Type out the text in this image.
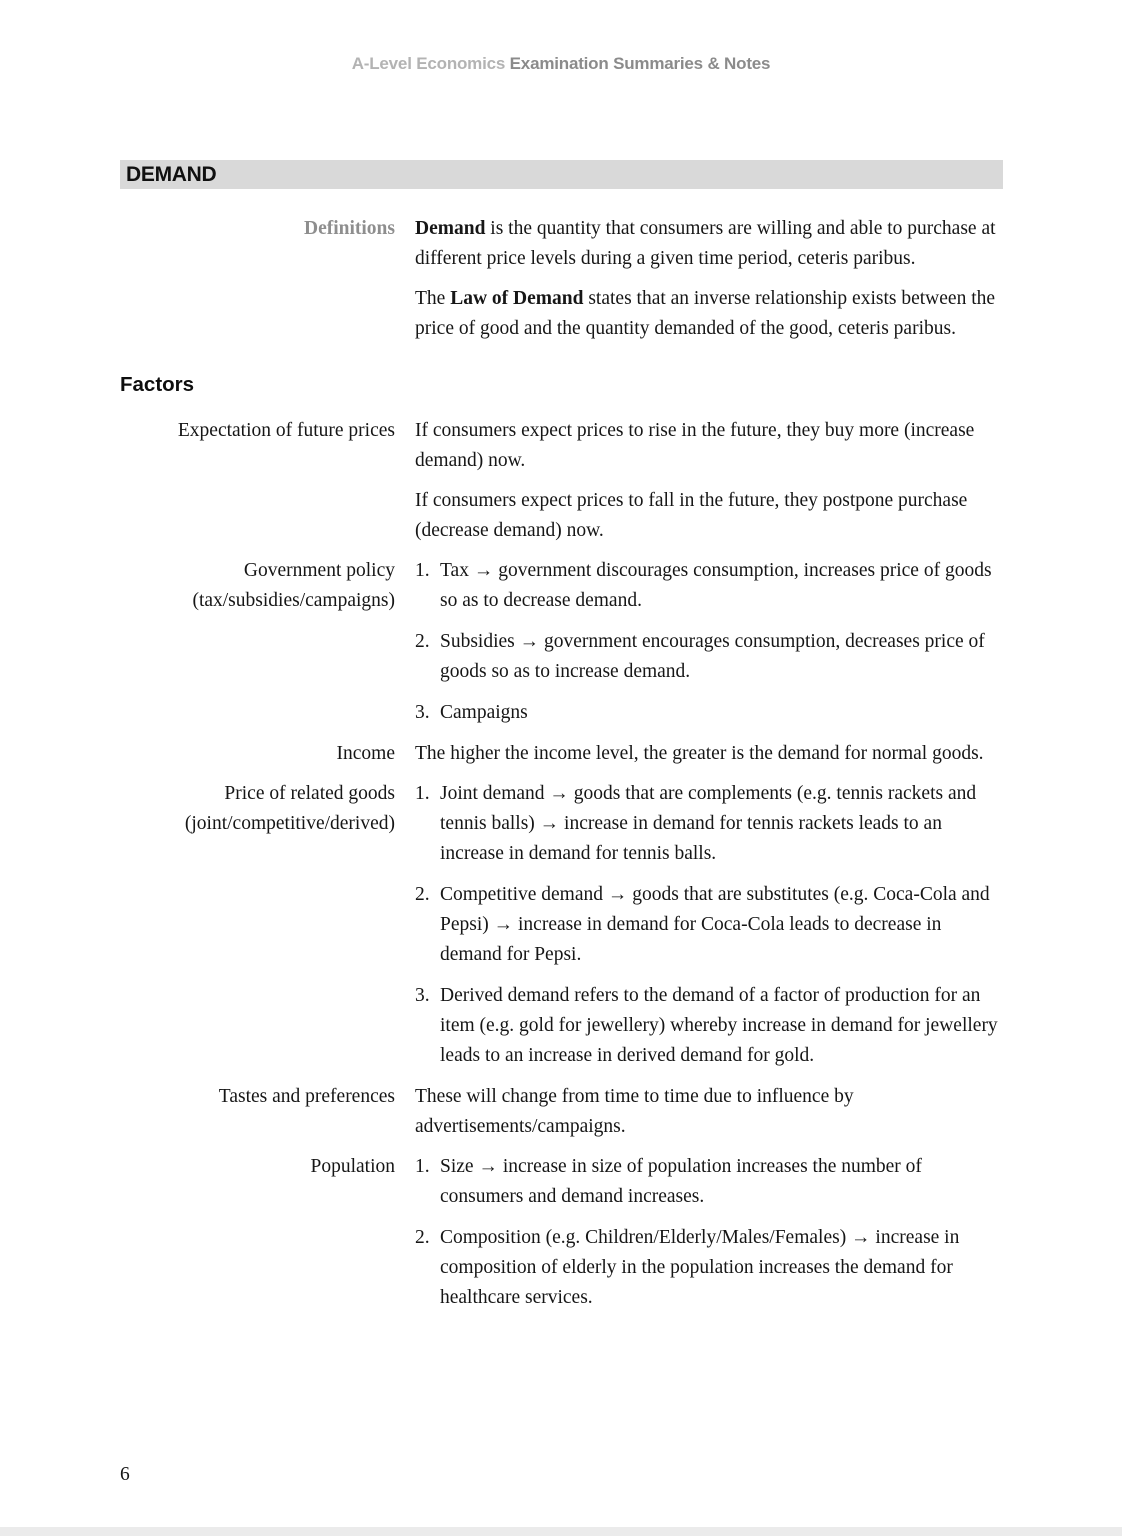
A-Level Economics Examination Summaries & Notes
DEMAND
Definitions Demand is the quantity that consumers are willing and able to purchase at different price levels during a given time period, ceteris paribus.

The Law of Demand states that an inverse relationship exists between the price of good and the quantity demanded of the good, ceteris paribus.

Factors
Expectation of future prices If consumers expect prices to rise in the future, they buy more (increase demand) now.

If consumers expect prices to fall in the future, they postpone purchase (decrease demand) now.

Government policy
(tax/subsidies/campaigns)
Tax → government discourages consumption, increases price of goods so as to decrease demand.
Subsidies → government encourages consumption, decreases price of goods so as to increase demand.
Campaigns
Income The higher the income level, the greater is the demand for normal goods.

Price of related goods
(joint/competitive/derived)
Joint demand → goods that are complements (e.g. tennis rackets and tennis balls) → increase in demand for tennis rackets leads to an increase in demand for tennis balls.
Competitive demand → goods that are substitutes (e.g. Coca-Cola and Pepsi) → increase in demand for Coca-Cola leads to decrease in demand for Pepsi.
Derived demand refers to the demand of a factor of production for an item (e.g. gold for jewellery) whereby increase in demand for jewellery leads to an increase in derived demand for gold.
Tastes and preferences These will change from time to time due to influence by advertisements/campaigns.

Population Size → increase in size of population increases the number of consumers and demand increases.
Composition (e.g. Children/Elderly/Males/Females) → increase in composition of elderly in the population increases the demand for healthcare services.
6
